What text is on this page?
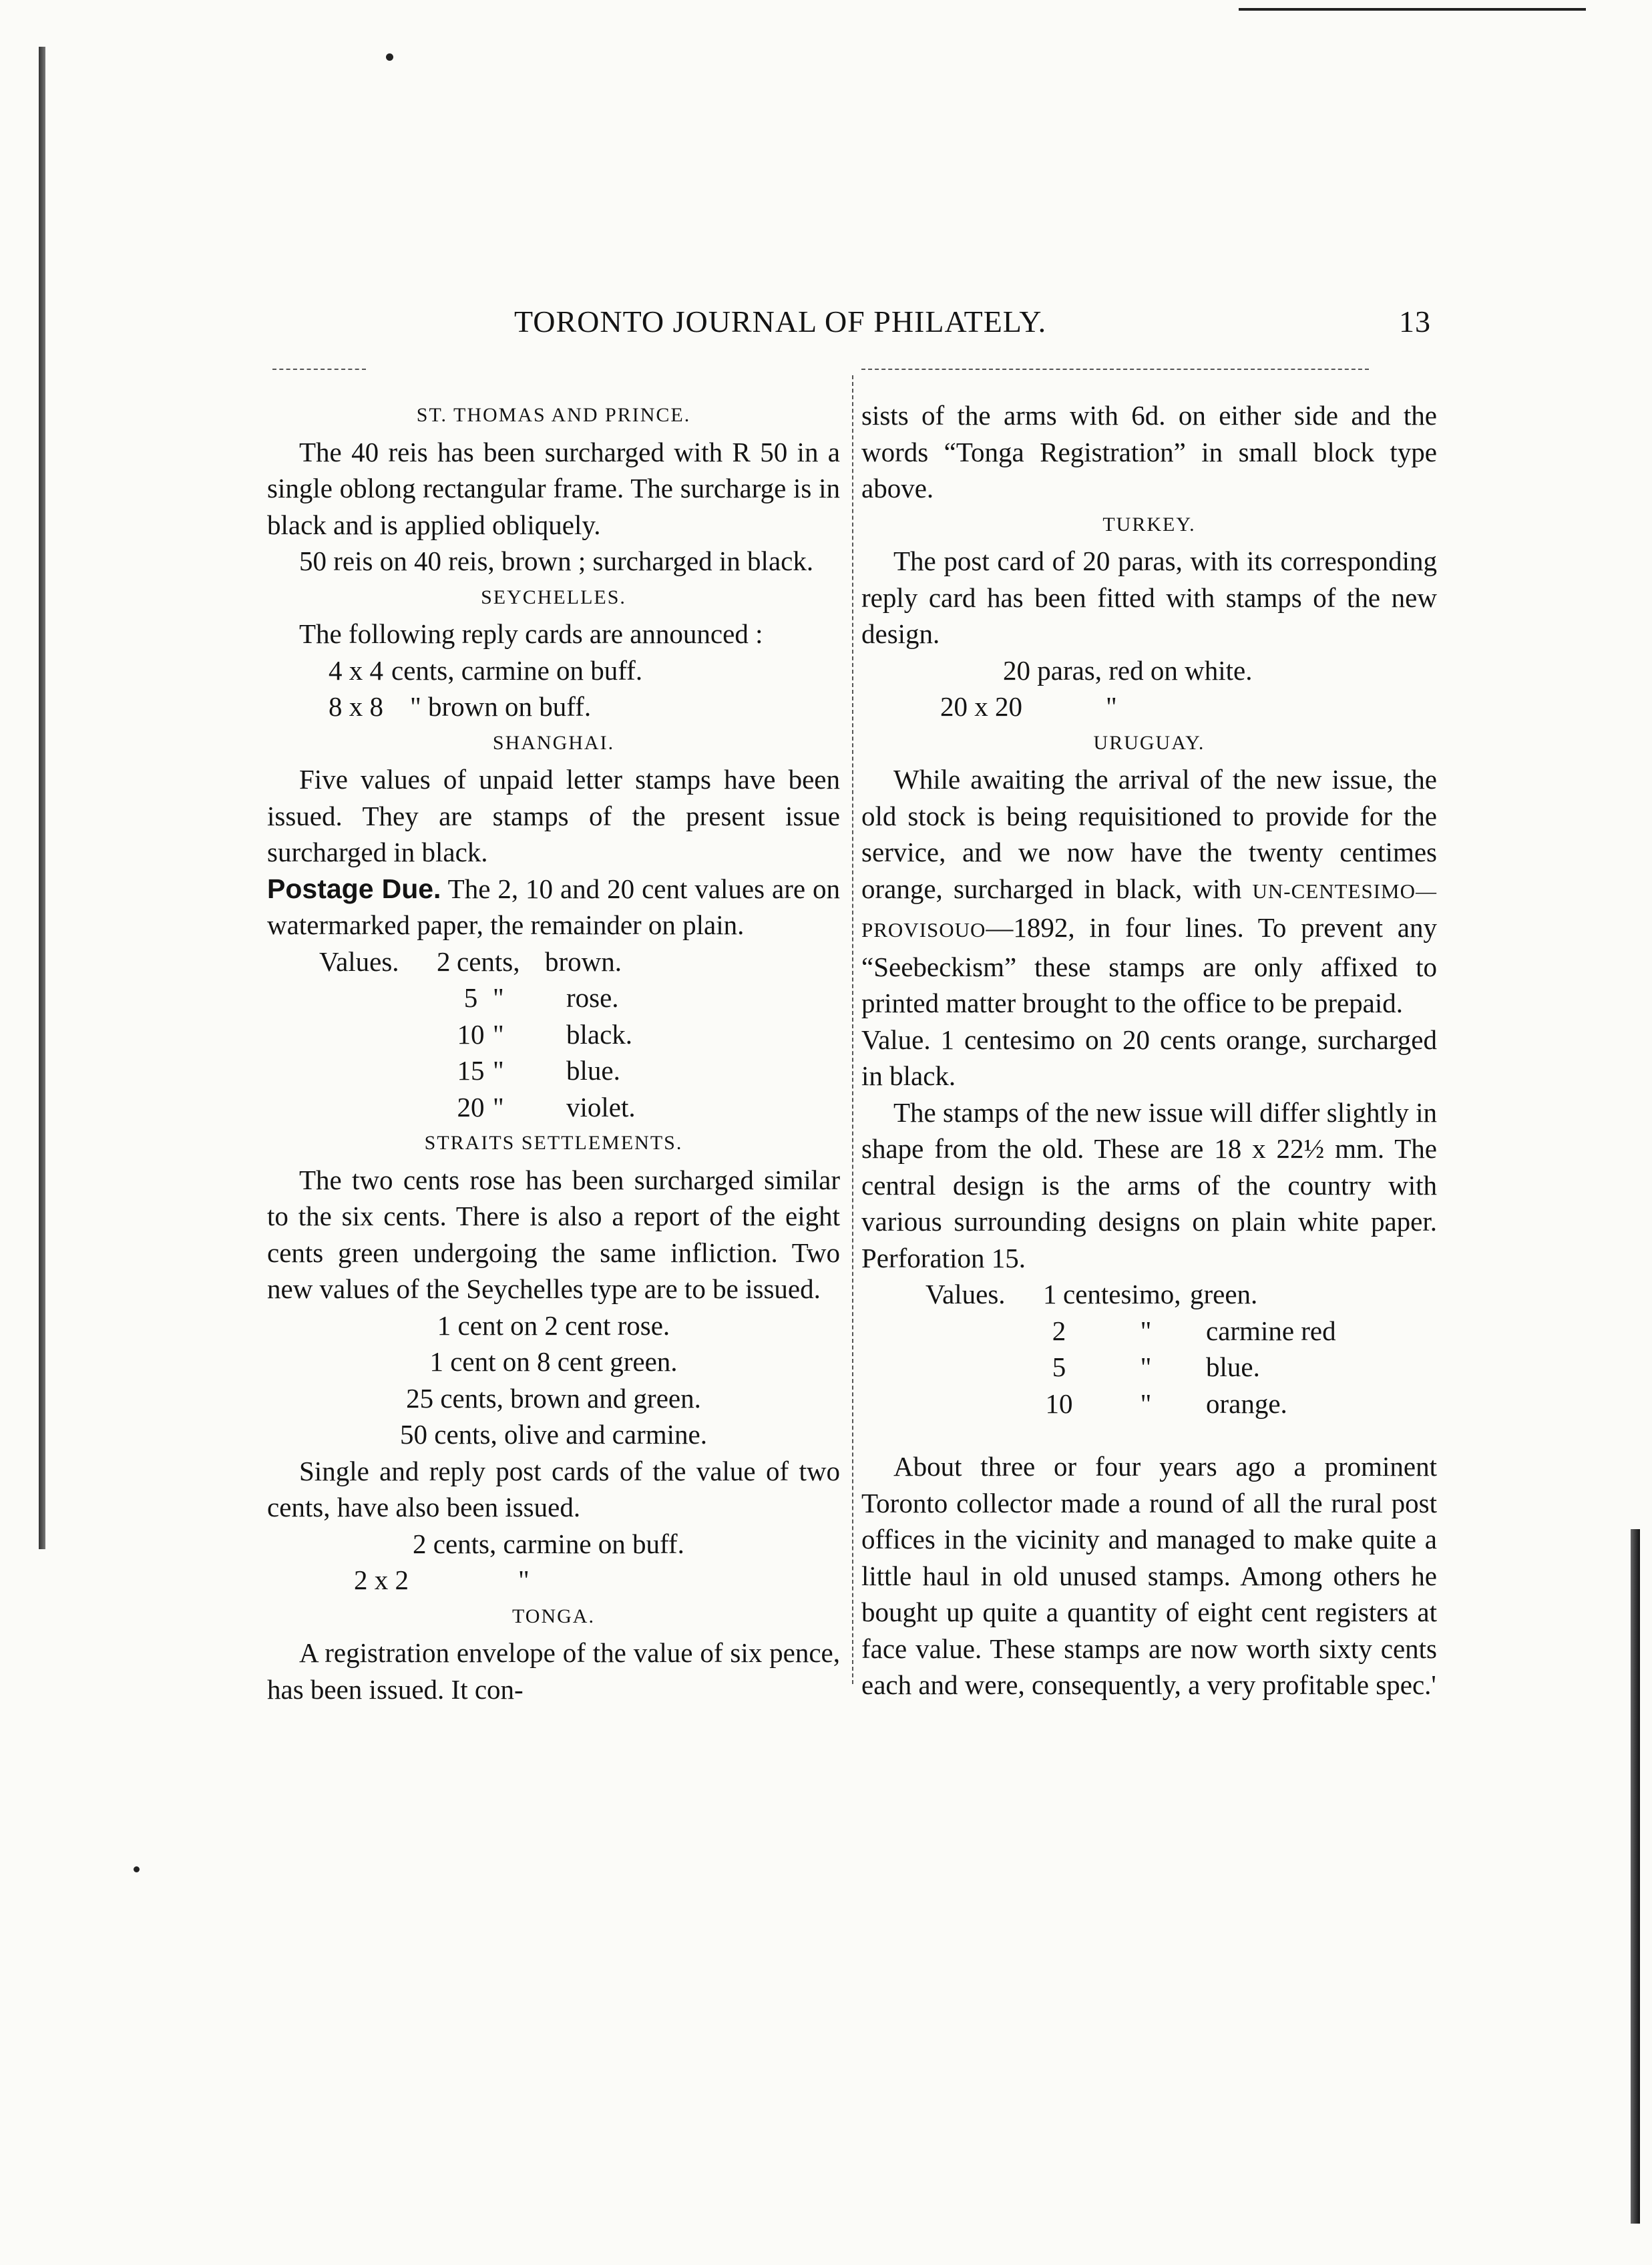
TORONTO JOURNAL OF PHILATELY.	13

ST. THOMAS AND PRINCE.

The 40 reis has been surcharged with R 50 in a single oblong rectangular frame. The surcharge is in black and is applied obliquely.

50 reis on 40 reis, brown ; surcharged in black.

SEYCHELLES.

The following reply cards are announced :

4 x 4 cents, carmine on buff.
8 x 8 " brown on buff.

SHANGHAI.

Five values of unpaid letter stamps have been issued. They are stamps of the present issue surcharged in black.

Postage Due. The 2, 10 and 20 cent values are on watermarked paper, the remainder on plain.

Values.	2 cents, brown.
5 "	rose.
10 "	black.
15 "	blue.
20 "	violet.

STRAITS SETTLEMENTS.

The two cents rose has been surcharged similar to the six cents. There is also a report of the eight cents green undergoing the same infliction. Two new values of the Seychelles type are to be issued.

1 cent on 2 cent rose.

1 cent on 8 cent green.

25 cents, brown and green.

50 cents, olive and carmine.

Single and reply post cards of the value of two cents, have also been issued.

2 cents, carmine on buff.

2 x 2	"

TONGA.

A registration envelope of the value of six pence, has been issued. It con-

sists of the arms with 6d. on either side and the words “Tonga Registration” in small block type above.

TURKEY.

The post card of 20 paras, with its corresponding reply card has been fitted with stamps of the new design.

20 paras, red on white.

20 x 20	"

URUGUAY.

While awaiting the arrival of the new issue, the old stock is being requisitioned to provide for the service, and we now have the twenty centimes orange, surcharged in black, with UN-CENTESIMO—PROVISOUO—1892, in four lines. To prevent any “Seebeckism” these stamps are only affixed to printed matter brought to the office to be prepaid.

Value. 1 centesimo on 20 cents orange, surcharged in black.

The stamps of the new issue will differ slightly in shape from the old. These are 18 x 22½ mm. The central design is the arms of the country with various surrounding designs on plain white paper. Perforation 15.

Values.	1 centesimo, green.
2	"	carmine red
5	"	blue.
10	"	orange.

About three or four years ago a prominent Toronto collector made a round of all the rural post offices in the vicinity and managed to make quite a little haul in old unused stamps. Among others he bought up quite a quantity of eight cent registers at face value. These stamps are now worth sixty cents each and were, consequently, a very profitable spec.'
